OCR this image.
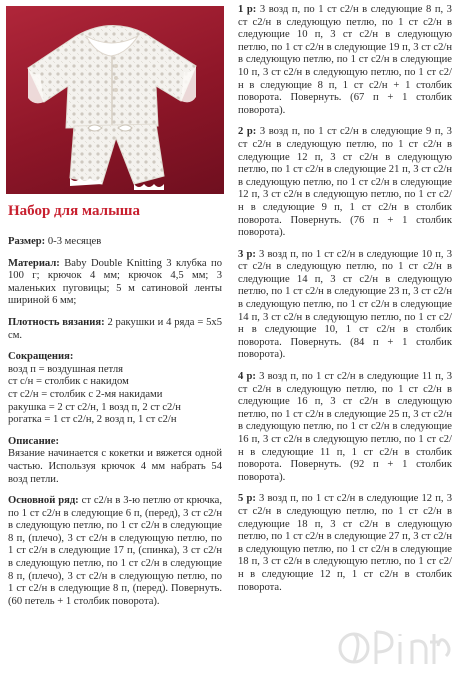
Набор для малыша
Размер: 0-3 месяцев
Материал: Baby Double Knitting 3 клубка по 100 г; крючок 4 мм; крючок 4,5 мм; 3 маленьких пуговицы; 5 м сатиновой ленты шириной 6 мм;
Плотность вязания: 2 ракушки и 4 ряда = 5х5 см.
Сокращения:
возд п = воздушная петля
ст с/н = столбик с накидом
ст с2/н = столбик с 2-мя накидами
ракушка = 2 ст с2/н, 1 возд п, 2 ст с2/н
рогатка = 1 ст с2/н, 2 возд п, 1 ст с2/н
Описание:
Вязание начинается с кокетки и вяжется одной частью. Используя крючок 4 мм набрать 54 возд петли.
Основной ряд: ст с2/н в 3-ю петлю от крючка, по 1 ст с2/н в следующие 6 п, (перед), 3 ст с2/н в следующую петлю, по 1 ст с2/н в следующие 8 п, (плечо), 3 ст с2/н в следующую петлю, по 1 ст с2/н в следующие 17 п, (спинка), 3 ст с2/н в следующую петлю, по 1 ст с2/н в следующие 8 п, (плечо), 3 ст с2/н в следующую петлю, по 1 ст с2/н в следующие 8 п, (перед). Повернуть. (60 петель + 1 столбик поворота).
1 р: 3 возд п, по 1 ст с2/н в следующие 8 п, 3 ст с2/н в следующую петлю, по 1 ст с2/н в следующие 10 п, 3 ст с2/н в следующую петлю, по 1 ст с2/н в следующие 19 п, 3 ст с2/н в следующую петлю, по 1 ст с2/н в следующие 10 п, 3 ст с2/н в следующую петлю, по 1 ст с2/н в следующие 8 п, 1 ст с2/н + 1 столбик поворота. Повернуть. (67 п + 1 столбик поворота).
2 р: 3 возд п, по 1 ст с2/н в следующие 9 п, 3 ст с2/н в следующую петлю, по 1 ст с2/н в следующие 12 п, 3 ст с2/н в следующую петлю, по 1 ст с2/н в следующие 21 п, 3 ст с2/н в следующую петлю, по 1 ст с2/н в следующие 12 п, 3 ст с2/н в следующую петлю, по 1 ст с2/н в следующие 9 п, 1 ст с2/н в столбик поворота. Повернуть. (76 п + 1 столбик поворота).
3 р: 3 возд п, по 1 ст с2/н в следующие 10 п, 3 ст с2/н в следующую петлю, по 1 ст с2/н в следующие 14 п, 3 ст с2/н в следующую петлю, по 1 ст с2/н в следующие 23 п, 3 ст с2/н в следующую петлю, по 1 ст с2/н в следующие 14 п, 3 ст с2/н в следующую петлю, по 1 ст с2/н в следующие 10, 1 ст с2/н в столбик поворота. Повернуть. (84 п + 1 столбик поворота).
4 р: 3 возд п, по 1 ст с2/н в следующие 11 п, 3 ст с2/н в следующую петлю, по 1 ст с2/н в следующие 16 п, 3 ст с2/н в следующую петлю, по 1 ст с2/н в следующие 25 п, 3 ст с2/н в следующую петлю, по 1 ст с2/н в следующие 16 п, 3 ст с2/н в следующую петлю, по 1 ст с2/н в следующие 11 п, 1 ст с2/н в столбик поворота. Повернуть. (92 п + 1 столбик поворота).
5 р: 3 возд п, по 1 ст с2/н в следующие 12 п, 3 ст с2/н в следующую петлю, по 1 ст с2/н в следующие 18 п, 3 ст с2/н в следующую петлю, по 1 ст с2/н в следующие 27 п, 3 ст с2/н в следующую петлю, по 1 ст с2/н в следующие 18 п, 3 ст с2/н в следующую петлю, по 1 ст с2/н в следующие 12 п, 1 ст с2/н в столбик поворота.
